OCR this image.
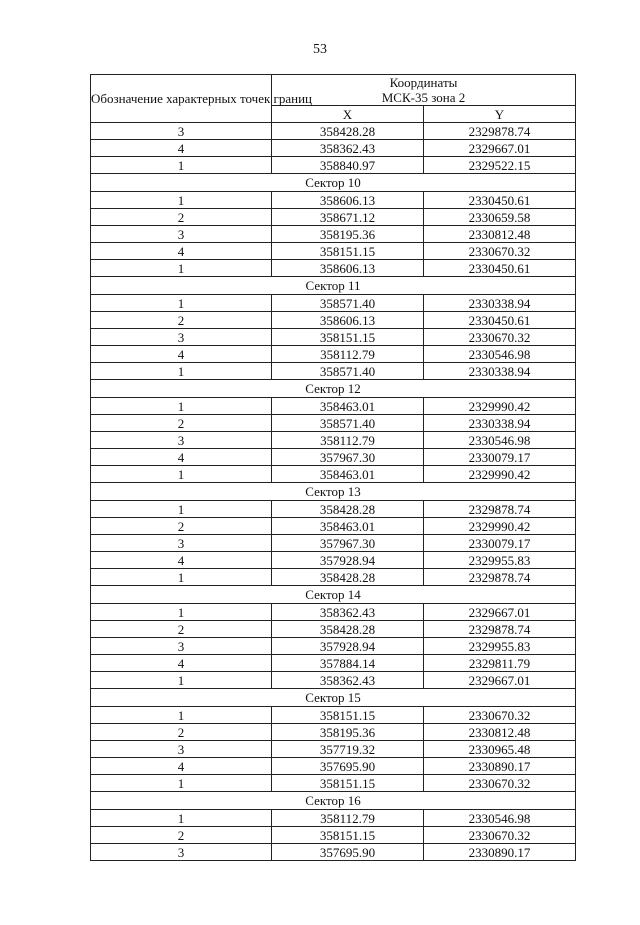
53
Обозначение характерных точек границ	Координаты
МСК-35 зона 2	
	X	Y
3	358428.28	2329878.74
4	358362.43	2329667.01
1	358840.97	2329522.15
Сектор 10		
1	358606.13	2330450.61
2	358671.12	2330659.58
3	358195.36	2330812.48
4	358151.15	2330670.32
1	358606.13	2330450.61
Сектор 11		
1	358571.40	2330338.94
2	358606.13	2330450.61
3	358151.15	2330670.32
4	358112.79	2330546.98
1	358571.40	2330338.94
Сектор 12		
1	358463.01	2329990.42
2	358571.40	2330338.94
3	358112.79	2330546.98
4	357967.30	2330079.17
1	358463.01	2329990.42
Сектор 13		
1	358428.28	2329878.74
2	358463.01	2329990.42
3	357967.30	2330079.17
4	357928.94	2329955.83
1	358428.28	2329878.74
Сектор 14		
1	358362.43	2329667.01
2	358428.28	2329878.74
3	357928.94	2329955.83
4	357884.14	2329811.79
1	358362.43	2329667.01
Сектор 15		
1	358151.15	2330670.32
2	358195.36	2330812.48
3	357719.32	2330965.48
4	357695.90	2330890.17
1	358151.15	2330670.32
Сектор 16		
1	358112.79	2330546.98
2	358151.15	2330670.32
3	357695.90	2330890.17
